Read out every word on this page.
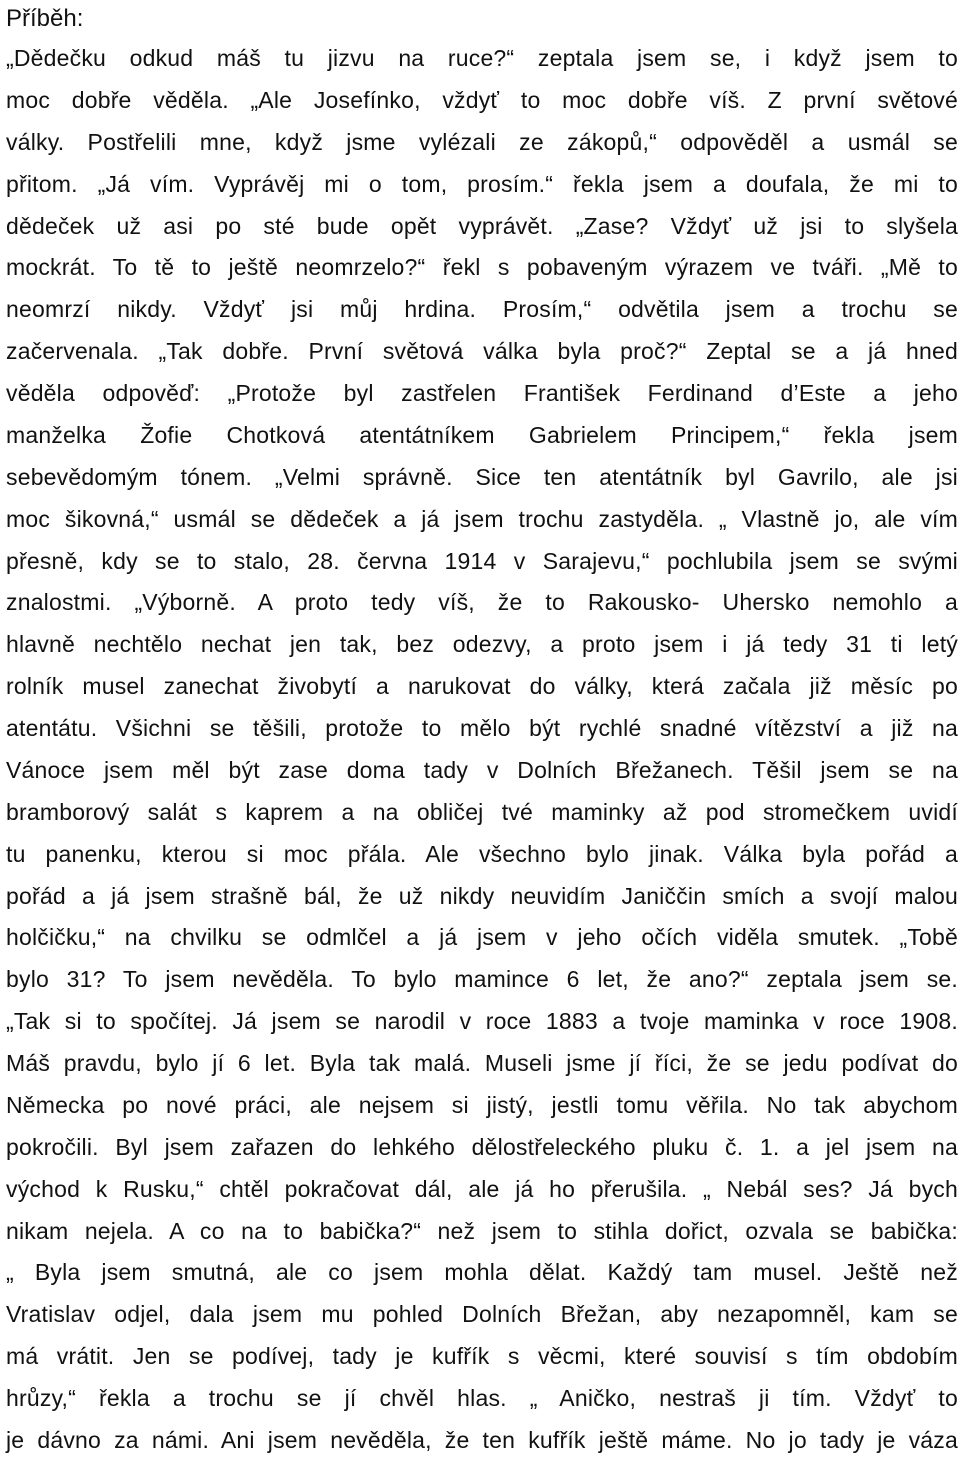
Příběh:
„Dědečku odkud máš tu jizvu na ruce?“ zeptala jsem se, i když jsem to
moc dobře věděla. „Ale Josefínko, vždyť to moc dobře víš. Z první světové
války. Postřelili mne, když jsme vylézali ze zákopů,“ odpověděl a usmál se
přitom. „Já vím. Vyprávěj mi o tom, prosím.“ řekla jsem a doufala, že mi to
dědeček už asi po sté bude opět vyprávět. „Zase? Vždyť už jsi to slyšela
mockrát. To tě to ještě neomrzelo?“ řekl s pobaveným výrazem ve tváři. „Mě to
neomrzí nikdy. Vždyť jsi můj hrdina. Prosím,“ odvětila jsem a trochu se
začervenala. „Tak dobře. První světová válka byla proč?“ Zeptal se a já hned
věděla odpověď: „Protože byl zastřelen František Ferdinand d’Este a jeho
manželka Žofie Chotková atentátníkem Gabrielem Principem,“ řekla jsem
sebevědomým tónem. „Velmi správně. Sice ten atentátník byl Gavrilo, ale jsi
moc šikovná,“ usmál se dědeček a já jsem trochu zastyděla. „ Vlastně jo, ale vím
přesně, kdy se to stalo, 28. června 1914 v Sarajevu,“ pochlubila jsem se svými
znalostmi. „Výborně. A proto tedy víš, že to Rakousko- Uhersko nemohlo a
hlavně nechtělo nechat jen tak, bez odezvy, a proto jsem i já tedy 31 ti letý
rolník musel zanechat živobytí a narukovat do války, která začala již měsíc po
atentátu. Všichni se těšili, protože to mělo být rychlé snadné vítězství a již na
Vánoce jsem měl být zase doma tady v Dolních Břežanech. Těšil jsem se na
bramborový salát s kaprem a na obličej tvé maminky až pod stromečkem uvidí
tu panenku, kterou si moc přála. Ale všechno bylo jinak. Válka byla pořád a
pořád a já jsem strašně bál, že už nikdy neuvidím Janiččin smích a svojí malou
holčičku,“ na chvilku se odmlčel a já jsem v jeho očích viděla smutek. „Tobě
bylo 31? To jsem nevěděla. To bylo mamince 6 let, že ano?“ zeptala jsem se.
„Tak si to spočítej. Já jsem se narodil v roce 1883 a tvoje maminka v roce 1908.
Máš pravdu, bylo jí 6 let. Byla tak malá. Museli jsme jí říci, že se jedu podívat do
Německa po nové práci, ale nejsem si jistý, jestli tomu věřila. No tak abychom
pokročili. Byl jsem zařazen do lehkého dělostřeleckého pluku č. 1. a jel jsem na
východ k Rusku,“ chtěl pokračovat dál, ale já ho přerušila. „ Nebál ses? Já bych
nikam nejela. A co na to babička?“ než jsem to stihla dořict, ozvala se babička:
„ Byla jsem smutná, ale co jsem mohla dělat. Každý tam musel. Ještě než
Vratislav odjel, dala jsem mu pohled Dolních Břežan, aby nezapomněl, kam se
má vrátit. Jen se podívej, tady je kufřík s věcmi, které souvisí s tím obdobím
hrůzy,“ řekla a trochu se jí chvěl hlas. „ Aničko, nestraš ji tím. Vždyť to
je dávno za námi. Ani jsem nevěděla, že ten kufřík ještě máme. No jo tady je váza
